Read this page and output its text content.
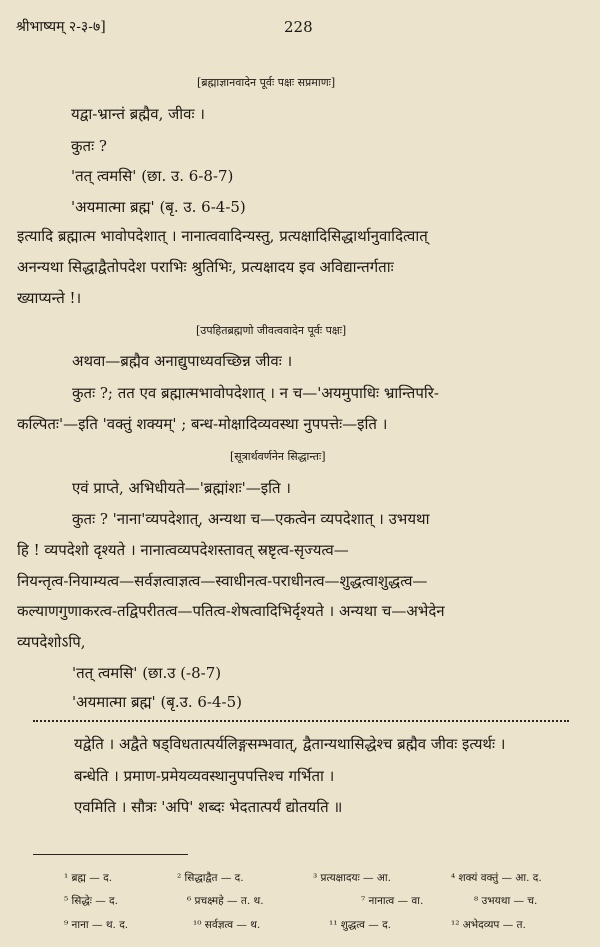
श्रीभाष्यम् २-३-७]	228
[ब्रह्माज्ञानवादेन पूर्वः पक्षः सप्रमाणः]
यद्वा-भ्रान्तं ब्रह्मैव, जीवः ।
कुतः ?
'तत् त्वमसि' (छा. उ. 6-8-7)
'अयमात्मा ब्रह्म' (बृ. उ. 6-4-5)
इत्यादि ब्रह्मात्म भावोपदेशात् । नानात्ववादिन्यस्तु, प्रत्यक्षादिसिद्धार्थानुवादित्वात्
अनन्यथा सिद्धाद्वैतोपदेश पराभिः श्रुतिभिः, प्रत्यक्षादय इव अविद्यान्तर्गताः
ख्याप्यन्ते !।
[उपहितब्रह्मणो जीवत्ववादेन पूर्वः पक्षः]
अथवा—ब्रह्मैव अनाद्युपाध्यवच्छिन्न जीवः ।
कुतः ?; तत एव ब्रह्मात्मभावोपदेशात् । न च—'अयमुपाधिः भ्रान्तिपरि-
कल्पितः'—इति 'वक्तुं शक्यम्' ; बन्ध-मोक्षादिव्यवस्था नुपपत्तेः—इति ।
[सूत्रार्थवर्णनेन सिद्धान्तः]
एवं प्राप्ते, अभिधीयते—'ब्रह्मांशः'—इति ।
कुतः ? 'नाना'व्यपदेशात्, अन्यथा च—एकत्वेन व्यपदेशात् । उभयथा
हि ! व्यपदेशो दृश्यते । नानात्वव्यपदेशस्तावत् स्रष्टृत्व-सृज्यत्व—
नियन्तृत्व-नियाम्यत्व—सर्वज्ञत्वाज्ञत्व—स्वाधीनत्व-पराधीनत्व—शुद्धत्वाशुद्धत्व—
कल्याणगुणाकरत्व-तद्विपरीतत्व—पतित्व-शेषत्वादिभिर्दृश्यते । अन्यथा च—अभेदेन
व्यपदेशोऽपि,
'तत् त्वमसि' (छा.उ (-8-7)
'अयमात्मा ब्रह्म' (बृ.उ. 6-4-5)
यद्वेति । अद्वैते षड्विधतात्पर्यलिङ्गसम्भवात्, द्वैतान्यथासिद्धेश्च ब्रह्मैव जीवः इत्यर्थः ।
बन्धेति । प्रमाण-प्रमेयव्यवस्थानुपपत्तिश्च गर्भिता ।
एवमिति । सौत्रः 'अपि' शब्दः भेदतात्पर्यं द्योतयति ॥
¹ ब्रह्म — द.	² सिद्धाद्वैत — द.	³ प्रत्यक्षादयः — आ.	⁴ शक्यं वक्तुं — आ. द.
⁵ सिद्धेः — द.	⁶ प्रचक्ष्महे — त. थ.	⁷ नानात्व — वा.	⁸ उभयथा — च.
⁹ नाना — थ. द.	¹⁰ सर्वज्ञत्व — थ.	¹¹ शुद्धत्व — द.	¹² अभेदव्यप — त.
